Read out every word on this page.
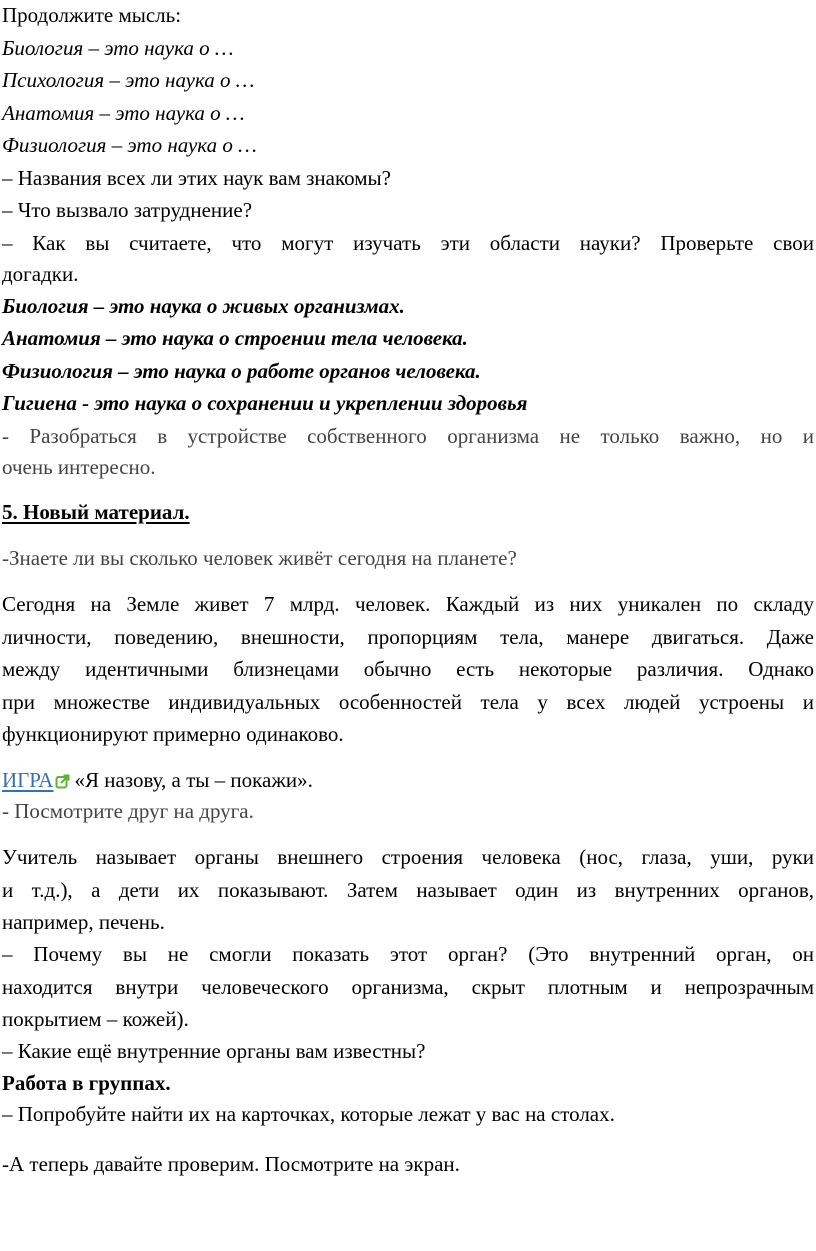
Продолжите мысль:
Биология – это наука о …
Психология – это наука о …
Анатомия – это наука о …
Физиология – это наука о …
– Названия всех ли этих наук вам знакомы?
– Что вызвало затруднение?
– Как вы считаете, что могут изучать эти области науки? Проверьте свои
догадки.
Биология – это наука о живых организмах.
Анатомия – это наука о строении тела человека.
Физиология – это наука о работе органов человека.
Гигиена - это наука о сохранении и укреплении здоровья
- Разобраться в устройстве собственного организма не только важно, но и
очень интересно.
5. Новый материал.
-Знаете ли вы сколько человек живёт сегодня на планете?
Сегодня на Земле живет 7 млрд. человек. Каждый из них уникален по складу
личности, поведению, внешности, пропорциям тела, манере двигаться. Даже
между идентичными близнецами обычно есть некоторые различия. Однако
при множестве индивидуальных особенностей тела у всех людей устроены и
функционируют примерно одинаково.
ИГРА «Я назову, а ты – покажи».
- Посмотрите друг на друга.
Учитель называет органы внешнего строения человека (нос, глаза, уши, руки
и т.д.), а дети их показывают. Затем называет один из внутренних органов,
например, печень.
– Почему вы не смогли показать этот орган? (Это внутренний орган, он
находится внутри человеческого организма, скрыт плотным и непрозрачным
покрытием – кожей).
– Какие ещё внутренние органы вам известны?
Работа в группах.
– Попробуйте найти их на карточках, которые лежат у вас на столах.
-А теперь давайте проверим. Посмотрите на экран.
